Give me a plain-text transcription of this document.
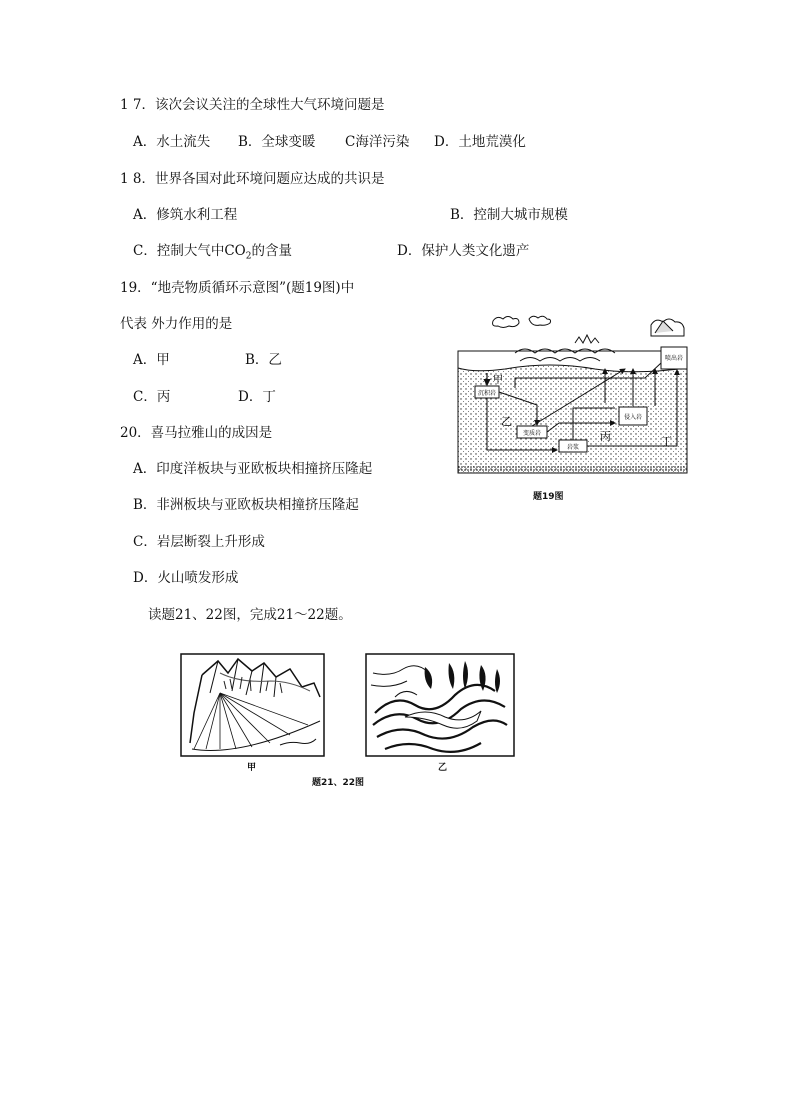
1 7．该次会议关注的全球性大气环境问题是
A．水土流失 B．全球变暖 C海洋污染 D．土地荒漠化
1 8．世界各国对此环境问题应达成的共识是
A．修筑水利工程	B．控制大城市规模
C．控制大气中$CO_2$的含量	D．保护人类文化遗产
19．“地壳物质循环示意图”(题19图)中
代表 外力作用的是
A．甲	B．乙
C．丙	D．丁
20．喜马拉雅山的成因是
A．印度洋板块与亚欧板块相撞挤压隆起
B．非洲板块与亚欧板块相撞挤压隆起
C．岩层断裂上升形成
D．火山喷发形成
读题21、22图，完成21～22题。
沉积岩
变质岩
岩浆
侵入岩
喷出岩
甲
乙
丙	丁
题19图
甲	乙
题21、22图
